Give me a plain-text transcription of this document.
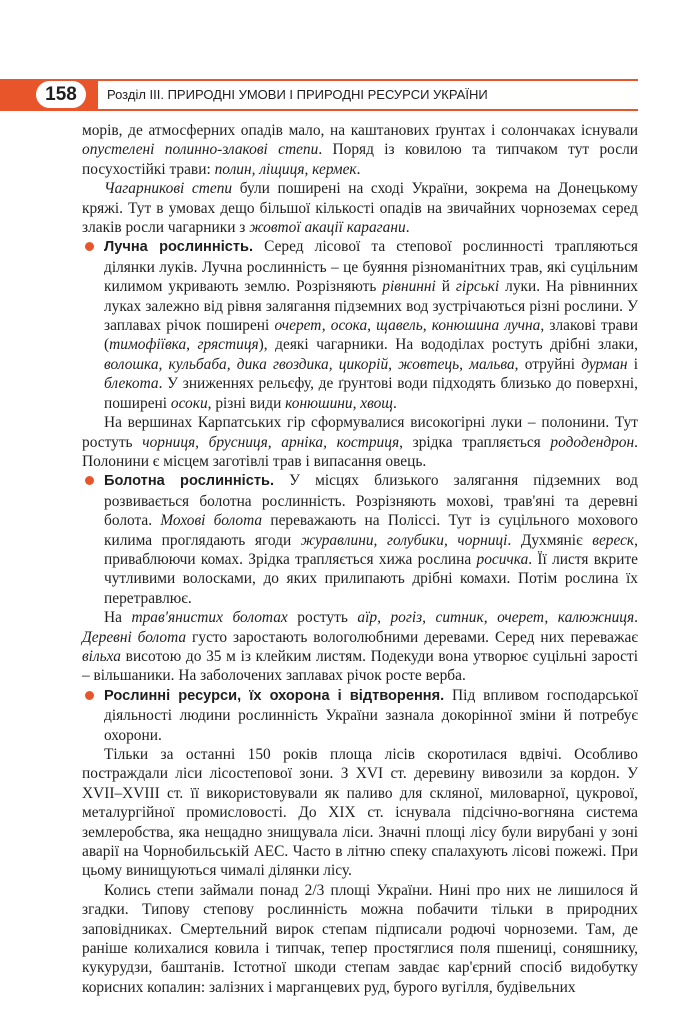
158	Розділ III. ПРИРОДНІ УМОВИ І ПРИРОДНІ РЕСУРСИ УКРАЇНИ

морів, де атмосферних опадів мало, на каштанових ґрунтах і солончаках існували опустелені полинно-злакові степи. Поряд із ковилою та типчаком тут росли посухостійкі трави: полин, ліщиця, кермек.

Чагарникові степи були поширені на сході України, зокрема на Донецькому кряжі. Тут в умовах дещо більшої кількості опадів на звичайних чорноземах серед злаків росли чагарники з жовтої акації карагани.

Лучна рослинність. Серед лісової та степової рослинності трапляються ділянки луків. Лучна рослинність – це буяння різноманітних трав, які суцільним килимом укривають землю. Розрізняють рівнинні й гірські луки. На рівнинних луках залежно від рівня залягання підземних вод зустрічаються різні рослини. У заплавах річок поширені очерет, осока, щавель, конюшина лучна, злакові трави (тимофіївка, грястиця), деякі чагарники. На вододілах ростуть дрібні злаки, волошка, кульбаба, дика гвоздика, цикорій, жовтець, мальва, отруйні дурман і блекота. У зниженнях рельєфу, де ґрунтові води підходять близько до поверхні, поширені осоки, різні види конюшини, хвощ.

На вершинах Карпатських гір сформувалися високогірні луки – полонини. Тут ростуть чорниця, брусниця, арніка, костриця, зрідка трапляється рододендрон. Полонини є місцем заготівлі трав і випасання овець.

Болотна рослинність. У місцях близького залягання підземних вод розвивається болотна рослинність. Розрізняють мохові, трав'яні та деревні болота. Мохові болота переважають на Поліссі. Тут із суцільного мохового килима проглядають ягоди журавлини, голубики, чорниці. Духмяніє вереск, приваблюючи комах. Зрідка трапляється хижа рослина росичка. Її листя вкрите чутливими волосками, до яких прилипають дрібні комахи. Потім рослина їх перетравлює.

На трав'янистих болотах ростуть аїр, рогіз, ситник, очерет, калюжниця. Деревні болота густо заростають вологолюбними деревами. Серед них переважає вільха висотою до 35 м із клейким листям. Подекуди вона утворює суцільні зарості – вільшаники. На заболочених заплавах річок росте верба.

Рослинні ресурси, їх охорона і відтворення. Під впливом господарської діяльності людини рослинність України зазнала докорінної зміни й потребує охорони.

Тільки за останні 150 років площа лісів скоротилася вдвічі. Особливо постраждали ліси лісостепової зони. З XVI ст. деревину вивозили за кордон. У XVII–XVIII ст. її використовували як паливо для скляної, миловарної, цукрової, металургійної промисловості. До XIX ст. існувала підсічно-вогняна система землеробства, яка нещадно знищувала ліси. Значні площі лісу були вирубані у зоні аварії на Чорнобильській АЕС. Часто в літню спеку спалахують лісові пожежі. При цьому винищуються чималі ділянки лісу.

Колись степи займали понад 2/3 площі України. Нині про них не лишилося й згадки. Типову степову рослинність можна побачити тільки в природних заповідниках. Смертельний вирок степам підписали родючі чорноземи. Там, де раніше колихалися ковила і типчак, тепер простяглися поля пшениці, соняшнику, кукурудзи, баштанів. Істотної шкоди степам завдає кар'єрний спосіб видобутку корисних копалин: залізних і марганцевих руд, бурого вугілля, будівельних
